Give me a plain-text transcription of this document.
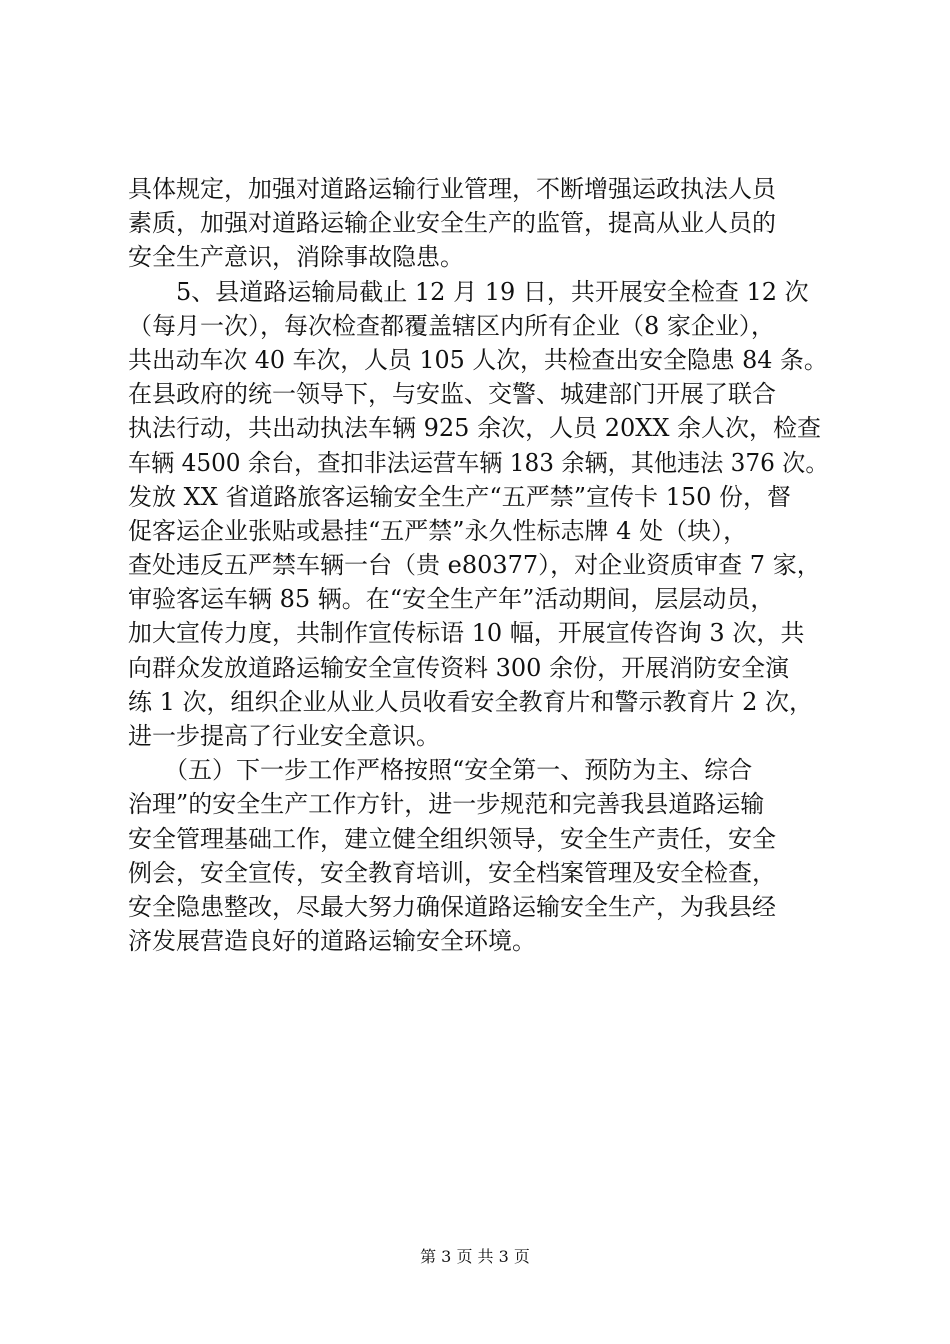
具体规定，加强对道路运输行业管理，不断增强运政执法人员
素质，加强对道路运输企业安全生产的监管，提高从业人员的
安全生产意识，消除事故隐患。
　　5、县道路运输局截止 12 月 19 日，共开展安全检查 12 次
（每月一次），每次检查都覆盖辖区内所有企业（8 家企业），
共出动车次 40 车次，人员 105 人次，共检查出安全隐患 84 条。
在县政府的统一领导下，与安监、交警、城建部门开展了联合
执法行动，共出动执法车辆 925 余次，人员 20XX 余人次，检查
车辆 4500 余台，查扣非法运营车辆 183 余辆，其他违法 376 次。
发放 XX 省道路旅客运输安全生产“五严禁”宣传卡 150 份，督
促客运企业张贴或悬挂“五严禁”永久性标志牌 4 处（块），
查处违反五严禁车辆一台（贵 e80377），对企业资质审查 7 家，
审验客运车辆 85 辆。在“安全生产年”活动期间，层层动员，
加大宣传力度，共制作宣传标语 10 幅，开展宣传咨询 3 次，共
向群众发放道路运输安全宣传资料 300 余份，开展消防安全演
练 1 次，组织企业从业人员收看安全教育片和警示教育片 2 次，
进一步提高了行业安全意识。
　　（五）下一步工作严格按照“安全第一、预防为主、综合
治理”的安全生产工作方针，进一步规范和完善我县道路运输
安全管理基础工作，建立健全组织领导，安全生产责任，安全
例会，安全宣传，安全教育培训，安全档案管理及安全检查，
安全隐患整改，尽最大努力确保道路运输安全生产，为我县经
济发展营造良好的道路运输安全环境。
第 3 页 共 3 页
